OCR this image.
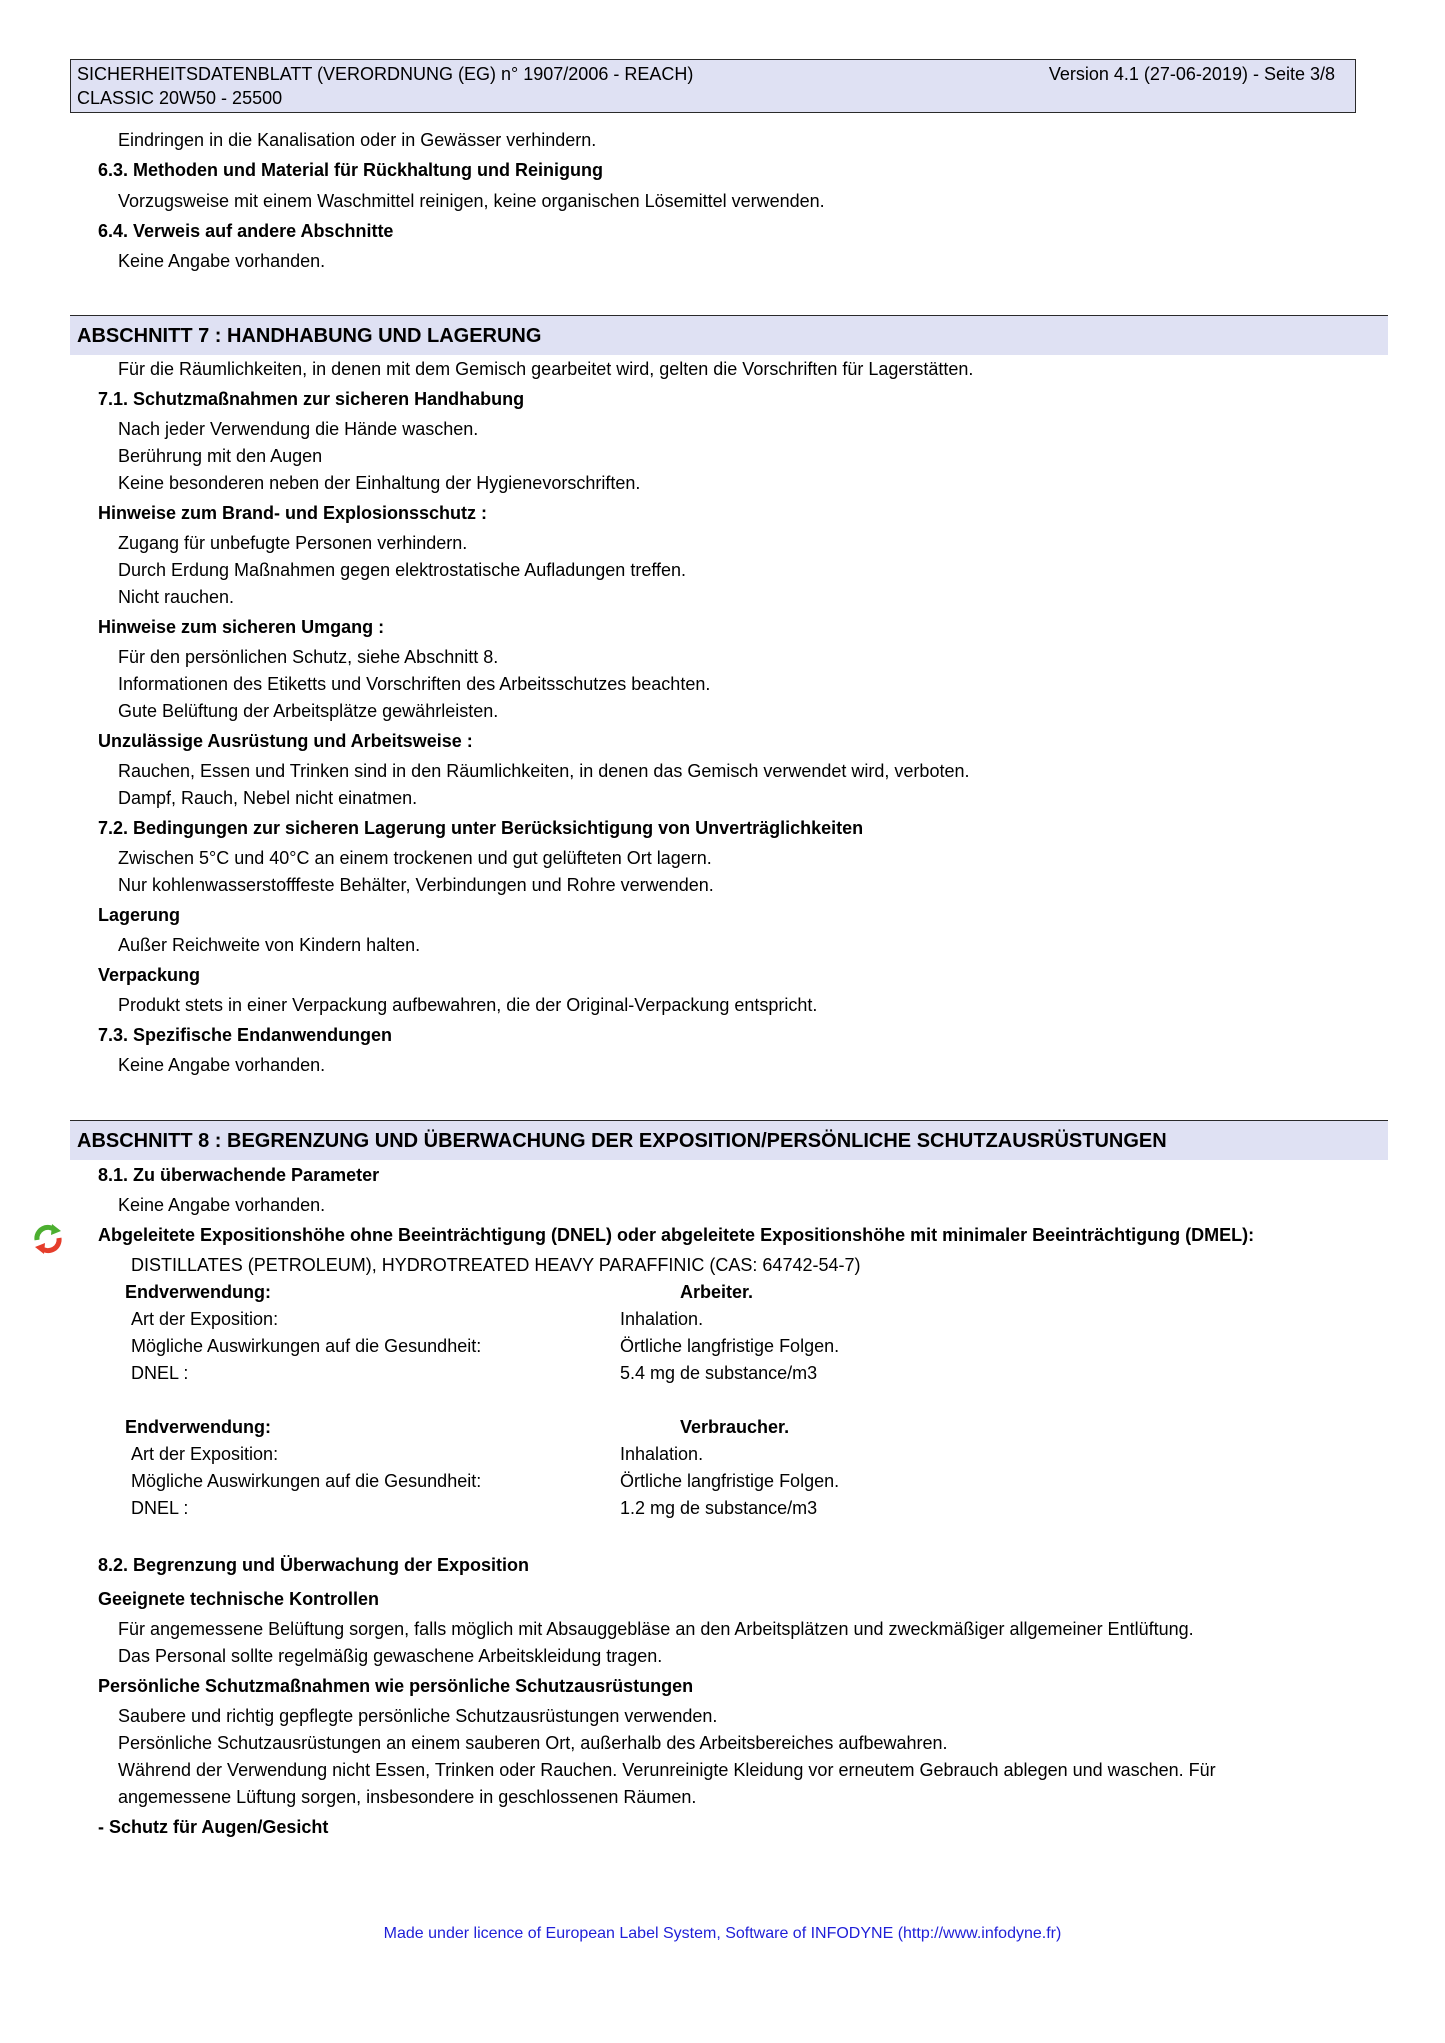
SICHERHEITSDATENBLATT (VERORDNUNG (EG) n° 1907/2006 - REACH)
CLASSIC 20W50 - 25500
Version 4.1 (27-06-2019) - Seite 3/8
Eindringen in die Kanalisation oder in Gewässer verhindern.
6.3. Methoden und Material für Rückhaltung und Reinigung
Vorzugsweise mit einem Waschmittel reinigen, keine organischen Lösemittel verwenden.
6.4. Verweis auf andere Abschnitte
Keine Angabe vorhanden.
ABSCHNITT 7 : HANDHABUNG UND LAGERUNG
Für die Räumlichkeiten, in denen mit dem Gemisch gearbeitet wird, gelten die Vorschriften für Lagerstätten.
7.1. Schutzmaßnahmen zur sicheren Handhabung
Nach jeder Verwendung die Hände waschen.
Berührung mit den Augen
Keine besonderen neben der Einhaltung der Hygienevorschriften.
Hinweise zum Brand- und Explosionsschutz :
Zugang für unbefugte Personen verhindern.
Durch Erdung Maßnahmen gegen elektrostatische Aufladungen treffen.
Nicht rauchen.
Hinweise zum sicheren Umgang :
Für den persönlichen Schutz, siehe Abschnitt 8.
Informationen des Etiketts und Vorschriften des Arbeitsschutzes beachten.
Gute Belüftung der Arbeitsplätze gewährleisten.
Unzulässige Ausrüstung und Arbeitsweise :
Rauchen, Essen und Trinken sind in den Räumlichkeiten, in denen das Gemisch verwendet wird, verboten.
Dampf, Rauch, Nebel nicht einatmen.
7.2. Bedingungen zur sicheren Lagerung unter Berücksichtigung von Unverträglichkeiten
Zwischen 5°C und 40°C an einem trockenen und gut gelüfteten Ort lagern.
Nur kohlenwasserstofffeste Behälter, Verbindungen und Rohre verwenden.
Lagerung
Außer Reichweite von Kindern halten.
Verpackung
Produkt stets in einer Verpackung aufbewahren, die der Original-Verpackung entspricht.
7.3. Spezifische Endanwendungen
Keine Angabe vorhanden.
ABSCHNITT 8 : BEGRENZUNG UND ÜBERWACHUNG DER EXPOSITION/PERSÖNLICHE SCHUTZAUSRÜSTUNGEN
8.1. Zu überwachende Parameter
Keine Angabe vorhanden.
Abgeleitete Expositionshöhe ohne Beeinträchtigung (DNEL) oder abgeleitete Expositionshöhe mit minimaler Beeinträchtigung (DMEL):
DISTILLATES (PETROLEUM), HYDROTREATED HEAVY PARAFFINIC (CAS: 64742-54-7)
Endverwendung:	Arbeiter.
Art der Exposition:	Inhalation.
Mögliche Auswirkungen auf die Gesundheit:	Örtliche langfristige Folgen.
DNEL :	5.4 mg de substance/m3
Endverwendung:	Verbraucher.
Art der Exposition:	Inhalation.
Mögliche Auswirkungen auf die Gesundheit:	Örtliche langfristige Folgen.
DNEL :	1.2 mg de substance/m3
8.2. Begrenzung und Überwachung der Exposition
Geeignete technische Kontrollen
Für angemessene Belüftung sorgen, falls möglich mit Absauggebläse an den Arbeitsplätzen und zweckmäßiger allgemeiner Entlüftung.
Das Personal sollte regelmäßig gewaschene Arbeitskleidung tragen.
Persönliche Schutzmaßnahmen wie persönliche Schutzausrüstungen
Saubere und richtig gepflegte persönliche Schutzausrüstungen verwenden.
Persönliche Schutzausrüstungen an einem sauberen Ort, außerhalb des Arbeitsbereiches aufbewahren.
Während der Verwendung nicht Essen, Trinken oder Rauchen. Verunreinigte Kleidung vor erneutem Gebrauch ablegen und waschen. Für
angemessene Lüftung sorgen, insbesondere in geschlossenen Räumen.
- Schutz für Augen/Gesicht
Made under licence of European Label System, Software of INFODYNE (http://www.infodyne.fr)
